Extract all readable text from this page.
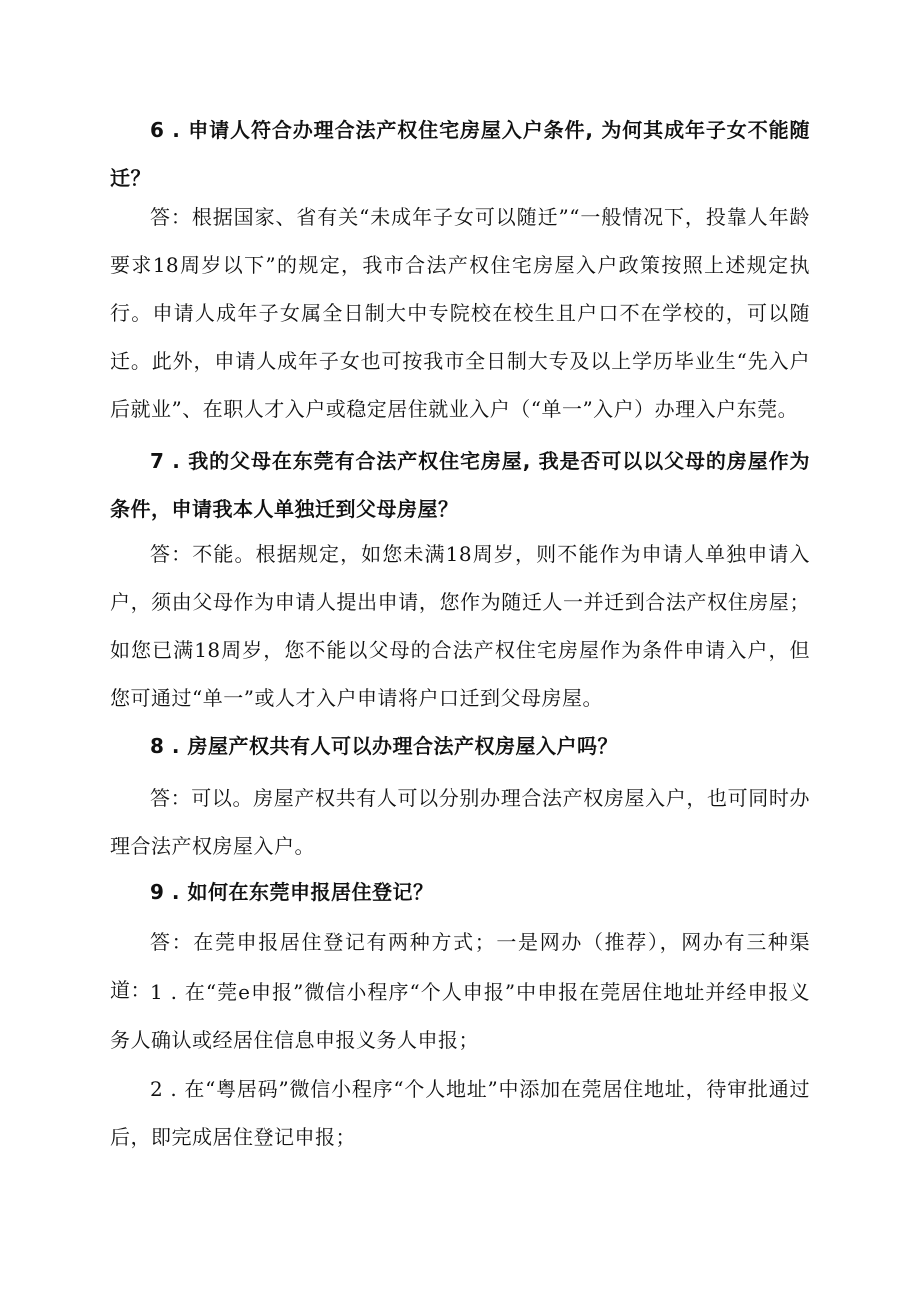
6 . 申请人符合办理合法产权住宅房屋入户条件, 为何其成年子女不能随迁？

答：根据国家、省有关“未成年子女可以随迁”“一般情况下，投靠人年龄要求18周岁以下”的规定，我市合法产权住宅房屋入户政策按照上述规定执行。申请人成年子女属全日制大中专院校在校生且户口不在学校的，可以随迁。此外，申请人成年子女也可按我市全日制大专及以上学历毕业生“先入户后就业”、在职人才入户或稳定居住就业入户（“单一”入户）办理入户东莞。

7 . 我的父母在东莞有合法产权住宅房屋, 我是否可以以父母的房屋作为条件，申请我本人单独迁到父母房屋？

答：不能。根据规定，如您未满18周岁，则不能作为申请人单独申请入户，须由父母作为申请人提出申请，您作为随迁人一并迁到合法产权住房屋；如您已满18周岁，您不能以父母的合法产权住宅房屋作为条件申请入户，但您可通过“单一”或人才入户申请将户口迁到父母房屋。

8 . 房屋产权共有人可以办理合法产权房屋入户吗？

答：可以。房屋产权共有人可以分别办理合法产权房屋入户，也可同时办理合法产权房屋入户。

9 . 如何在东莞申报居住登记？

答：在莞申报居住登记有两种方式；一是网办（推荐），网办有三种渠道： 1 . 在“莞e申报”微信小程序“个人申报”中申报在莞居住地址并经申报义务人确认或经居住信息申报义务人申报；

2 . 在“粤居码”微信小程序“个人地址”中添加在莞居住地址，待审批通过后，即完成居住登记申报；
